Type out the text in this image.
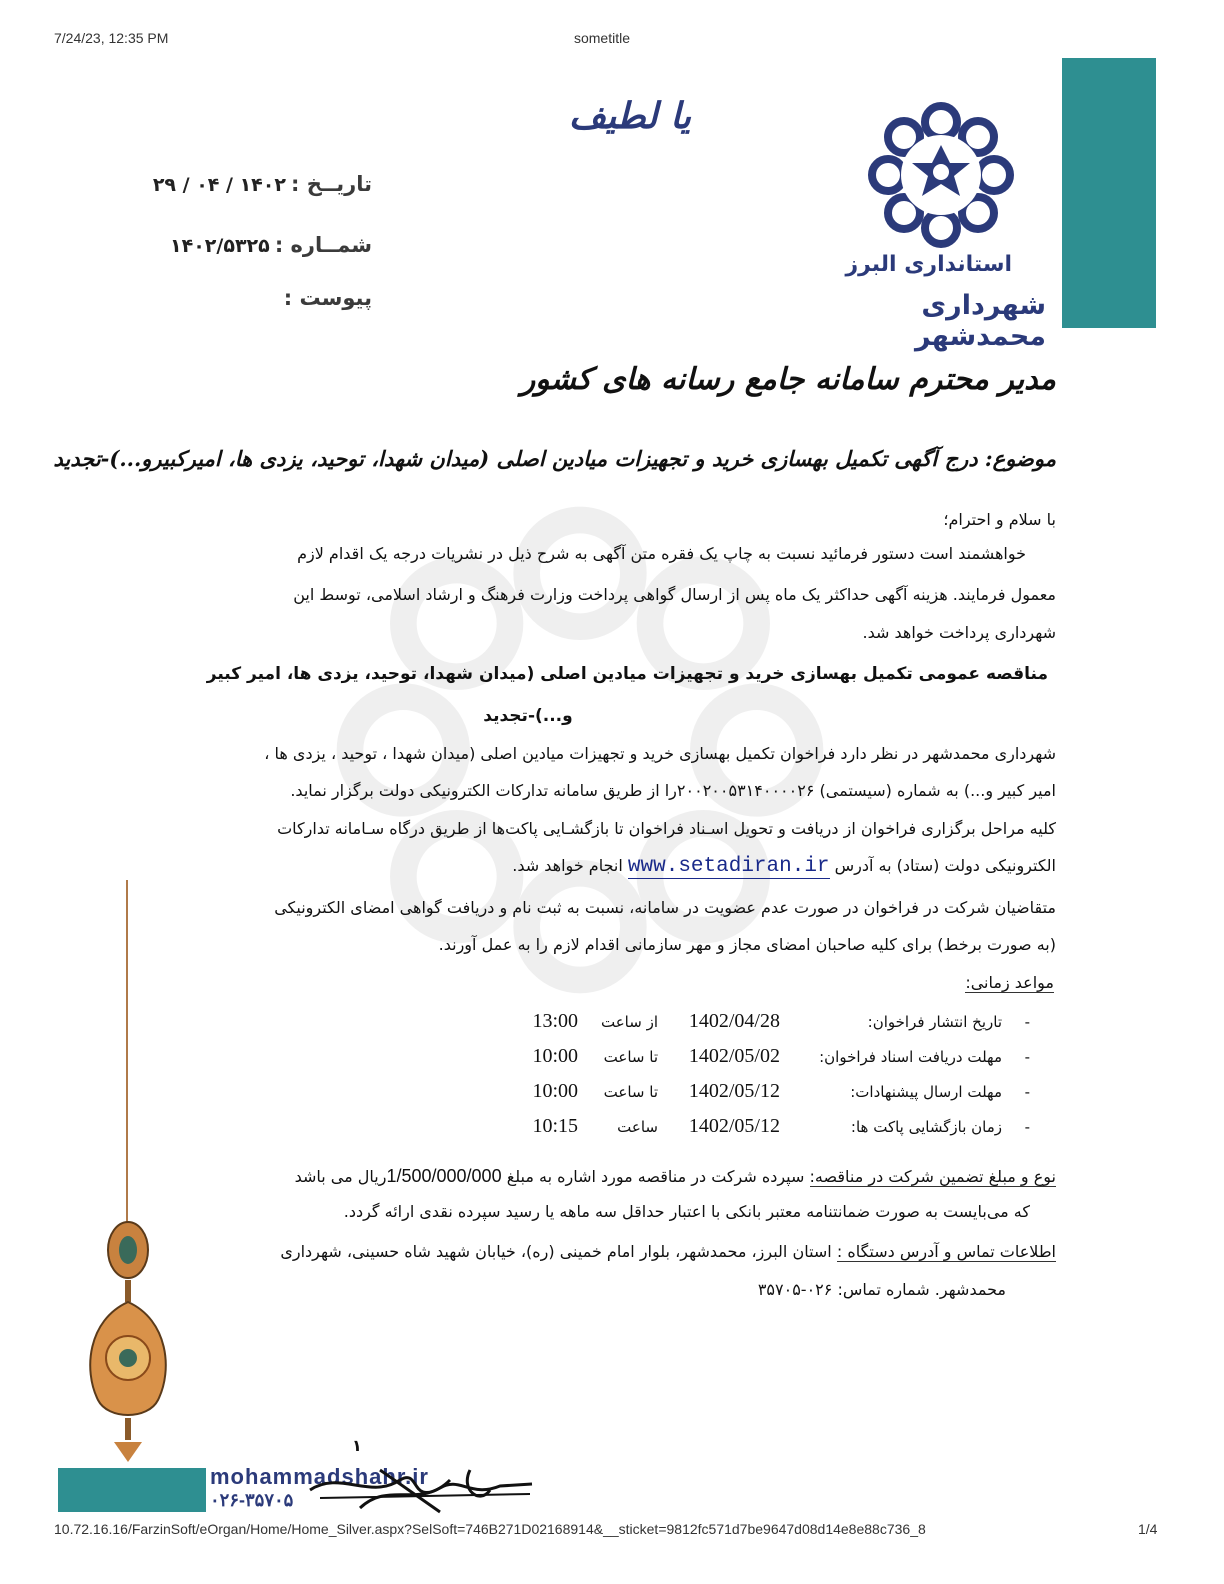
7/24/23, 12:35 PM	sometitle
استانداری البرز
شهرداری محمدشهر
یا لطیف
تاریــخ : ۱۴۰۲ / ۰۴ / ۲۹
شمــاره : ۱۴۰۲/۵۳۲۵
پیوست :
مدیر محترم سامانه جامع رسانه های کشور
موضوع: درج آگهی تکمیل بهسازی خرید و تجهیزات میادین اصلی (میدان شهدا، توحید، یزدی ها، امیرکبیرو...)-تجدید
با سلام و احترام؛
خواهشمند است دستور فرمائید نسبت به چاپ یک فقره متن آگهی به شرح ذیل در نشریات درجه یک اقدام لازم
معمول فرمایند. هزینه آگهی حداکثر یک ماه پس از ارسال گواهی پرداخت وزارت فرهنگ و ارشاد اسلامی، توسط این
شهرداری پرداخت خواهد شد.
مناقصه عمومی تکمیل بهسازی خرید و تجهیزات میادین اصلی (میدان شهدا، توحید، یزدی ها، امیر کبیر
و...)-تجدید
شهرداری محمدشهر در نظر دارد فراخوان تکمیل بهسازی خرید و تجهیزات میادین اصلی (میدان شهدا ، توحید ، یزدی ها ،
امیر کبیر و...) به شماره (سیستمی) ۲۰۰۲۰۰۵۳۱۴۰۰۰۰۲۶را از طریق سامانه تدارکات الکترونیکی دولت برگزار نماید.
کلیه مراحل برگزاری فراخوان از دریافت و تحویل اسـناد فراخوان تا بازگشـایی پاکت‌ها از طریق درگاه سـامانه تدارکات
الکترونیکی دولت (ستاد) به آدرس www.setadiran.ir انجام خواهد شد.
متقاضیان شرکت در فراخوان در صورت عدم عضویت در سامانه، نسبت به ثبت نام و دریافت گواهی امضای الکترونیکی
(به صورت برخط) برای کلیه صاحبان امضای مجاز و مهر سازمانی اقدام لازم را به عمل آورند.
مواعد زمانی:
-
تاریخ انتشار فراخوان:
1402/04/28
از ساعت
13:00
-
مهلت دریافت اسناد فراخوان:
1402/05/02
تا ساعت
10:00
-
مهلت ارسال پیشنهادات:
1402/05/12
تا ساعت
10:00
-
زمان بازگشایی پاکت ها:
1402/05/12
ساعت
10:15
نوع و مبلغ تضمین شرکت در مناقصه: سپرده شرکت در مناقصه مورد اشاره به مبلغ 1/500/000/000ریال می باشد
که می‌بایست به صورت ضمانتنامه معتبر بانکی با اعتبار حداقل سه ماهه یا رسید سپرده نقدی ارائه گردد.
اطلاعات تماس و آدرس دستگاه : استان البرز، محمدشهر، بلوار امام خمینی (ره)، خیابان شهید شاه حسینی، شهرداری
محمدشهر. شماره تماس: ۰۲۶-۳۵۷۰۵
mohammadshahr.ir
۰۲۶-۳۵۷۰۵
۱
10.72.16.16/FarzinSoft/eOrgan/Home/Home_Silver.aspx?SelSoft=746B271D02168914&__sticket=9812fc571d7be9647d08d14e8e88c736_8	1/4
